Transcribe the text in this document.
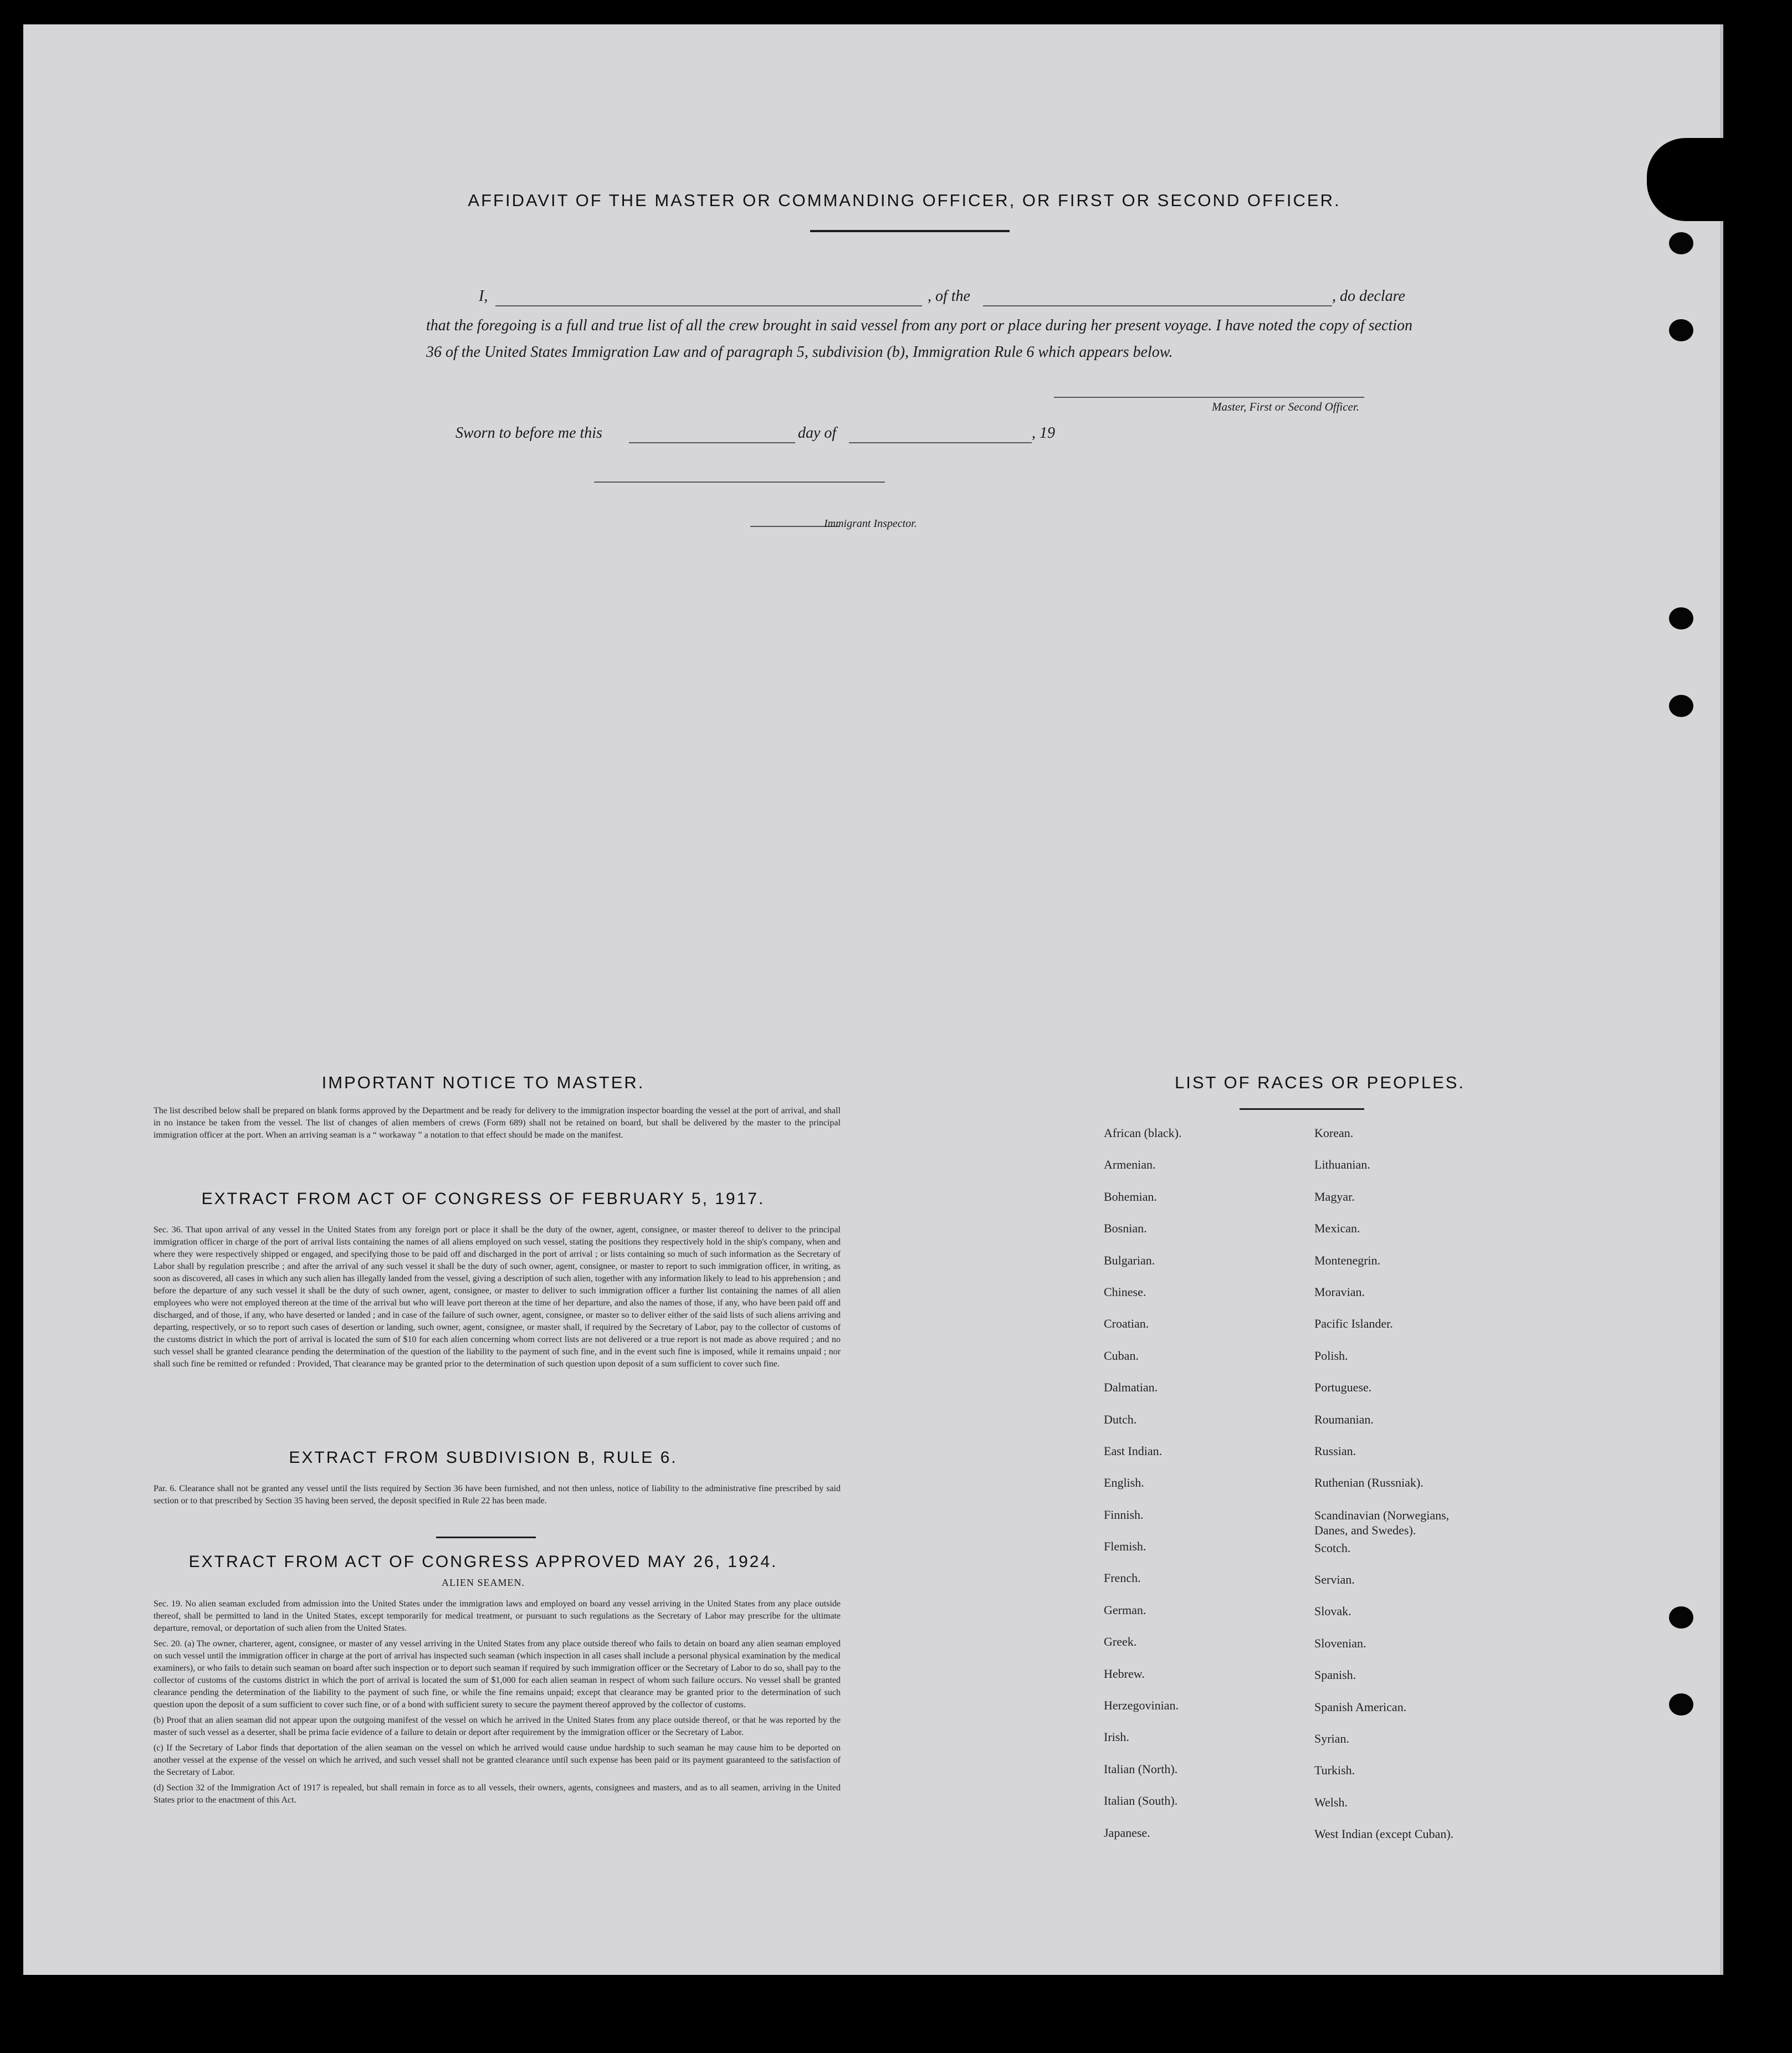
AFFIDAVIT OF THE MASTER OR COMMANDING OFFICER, OR FIRST OR SECOND OFFICER.
I,	, of the	, do declare
that the foregoing is a full and true list of all the crew brought in said vessel from any port or place during her present voyage. I have noted the copy of section 36 of the United States Immigration Law and of paragraph 5, subdivision (b), Immigration Rule 6 which appears below.
Master, First or Second Officer.
Sworn to before me this	day of	, 19
Immigrant Inspector.
IMPORTANT NOTICE TO MASTER.
The list described below shall be prepared on blank forms approved by the Department and be ready for delivery to the immigration inspector boarding the vessel at the port of arrival, and shall in no instance be taken from the vessel. The list of changes of alien members of crews (Form 689) shall not be retained on board, but shall be delivered by the master to the principal immigration officer at the port. When an arriving seaman is a “ workaway ” a notation to that effect should be made on the manifest.
EXTRACT FROM ACT OF CONGRESS OF FEBRUARY 5, 1917.
Sec. 36. That upon arrival of any vessel in the United States from any foreign port or place it shall be the duty of the owner, agent, consignee, or master thereof to deliver to the principal immigration officer in charge of the port of arrival lists containing the names of all aliens employed on such vessel, stating the positions they respectively hold in the ship's company, when and where they were respectively shipped or engaged, and specifying those to be paid off and discharged in the port of arrival ; or lists containing so much of such information as the Secretary of Labor shall by regulation prescribe ; and after the arrival of any such vessel it shall be the duty of such owner, agent, consignee, or master to report to such immigration officer, in writing, as soon as discovered, all cases in which any such alien has illegally landed from the vessel, giving a description of such alien, together with any information likely to lead to his apprehension ; and before the departure of any such vessel it shall be the duty of such owner, agent, consignee, or master to deliver to such immigration officer a further list containing the names of all alien employees who were not employed thereon at the time of the arrival but who will leave port thereon at the time of her departure, and also the names of those, if any, who have been paid off and discharged, and of those, if any, who have deserted or landed ; and in case of the failure of such owner, agent, consignee, or master so to deliver either of the said lists of such aliens arriving and departing, respectively, or so to report such cases of desertion or landing, such owner, agent, consignee, or master shall, if required by the Secretary of Labor, pay to the collector of customs of the customs district in which the port of arrival is located the sum of $10 for each alien concerning whom correct lists are not delivered or a true report is not made as above required ; and no such vessel shall be granted clearance pending the determination of the question of the liability to the payment of such fine, and in the event such fine is imposed, while it remains unpaid ; nor shall such fine be remitted or refunded : Provided, That clearance may be granted prior to the determination of such question upon deposit of a sum sufficient to cover such fine.
EXTRACT FROM SUBDIVISION B, RULE 6.
Par. 6. Clearance shall not be granted any vessel until the lists required by Section 36 have been furnished, and not then unless, notice of liability to the administrative fine prescribed by said section or to that prescribed by Section 35 having been served, the deposit specified in Rule 22 has been made.
EXTRACT FROM ACT OF CONGRESS APPROVED MAY 26, 1924.
ALIEN SEAMEN.
Sec. 19. No alien seaman excluded from admission into the United States under the immigration laws and employed on board any vessel arriving in the United States from any place outside thereof, shall be permitted to land in the United States, except temporarily for medical treatment, or pursuant to such regulations as the Secretary of Labor may prescribe for the ultimate departure, removal, or deportation of such alien from the United States.
Sec. 20. (a) The owner, charterer, agent, consignee, or master of any vessel arriving in the United States from any place outside thereof who fails to detain on board any alien seaman employed on such vessel until the immigration officer in charge at the port of arrival has inspected such seaman (which inspection in all cases shall include a personal physical examination by the medical examiners), or who fails to detain such seaman on board after such inspection or to deport such seaman if required by such immigration officer or the Secretary of Labor to do so, shall pay to the collector of customs of the customs district in which the port of arrival is located the sum of $1,000 for each alien seaman in respect of whom such failure occurs. No vessel shall be granted clearance pending the determination of the liability to the payment of such fine, or while the fine remains unpaid; except that clearance may be granted prior to the determination of such question upon the deposit of a sum sufficient to cover such fine, or of a bond with sufficient surety to secure the payment thereof approved by the collector of customs.
(b) Proof that an alien seaman did not appear upon the outgoing manifest of the vessel on which he arrived in the United States from any place outside thereof, or that he was reported by the master of such vessel as a deserter, shall be prima facie evidence of a failure to detain or deport after requirement by the immigration officer or the Secretary of Labor.
(c) If the Secretary of Labor finds that deportation of the alien seaman on the vessel on which he arrived would cause undue hardship to such seaman he may cause him to be deported on another vessel at the expense of the vessel on which he arrived, and such vessel shall not be granted clearance until such expense has been paid or its payment guaranteed to the satisfaction of the Secretary of Labor.
(d) Section 32 of the Immigration Act of 1917 is repealed, but shall remain in force as to all vessels, their owners, agents, consignees and masters, and as to all seamen, arriving in the United States prior to the enactment of this Act.
LIST OF RACES OR PEOPLES.
African (black).
Armenian.
Bohemian.
Bosnian.
Bulgarian.
Chinese.
Croatian.
Cuban.
Dalmatian.
Dutch.
East Indian.
English.
Finnish.
Flemish.
French.
German.
Greek.
Hebrew.
Herzegovinian.
Irish.
Italian (North).
Italian (South).
Japanese.
Korean.
Lithuanian.
Magyar.
Mexican.
Montenegrin.
Moravian.
Pacific Islander.
Polish.
Portuguese.
Roumanian.
Russian.
Ruthenian (Russniak).
Scandinavian (Norwegians, Danes, and Swedes).
Scotch.
Servian.
Slovak.
Slovenian.
Spanish.
Spanish American.
Syrian.
Turkish.
Welsh.
West Indian (except Cuban).
